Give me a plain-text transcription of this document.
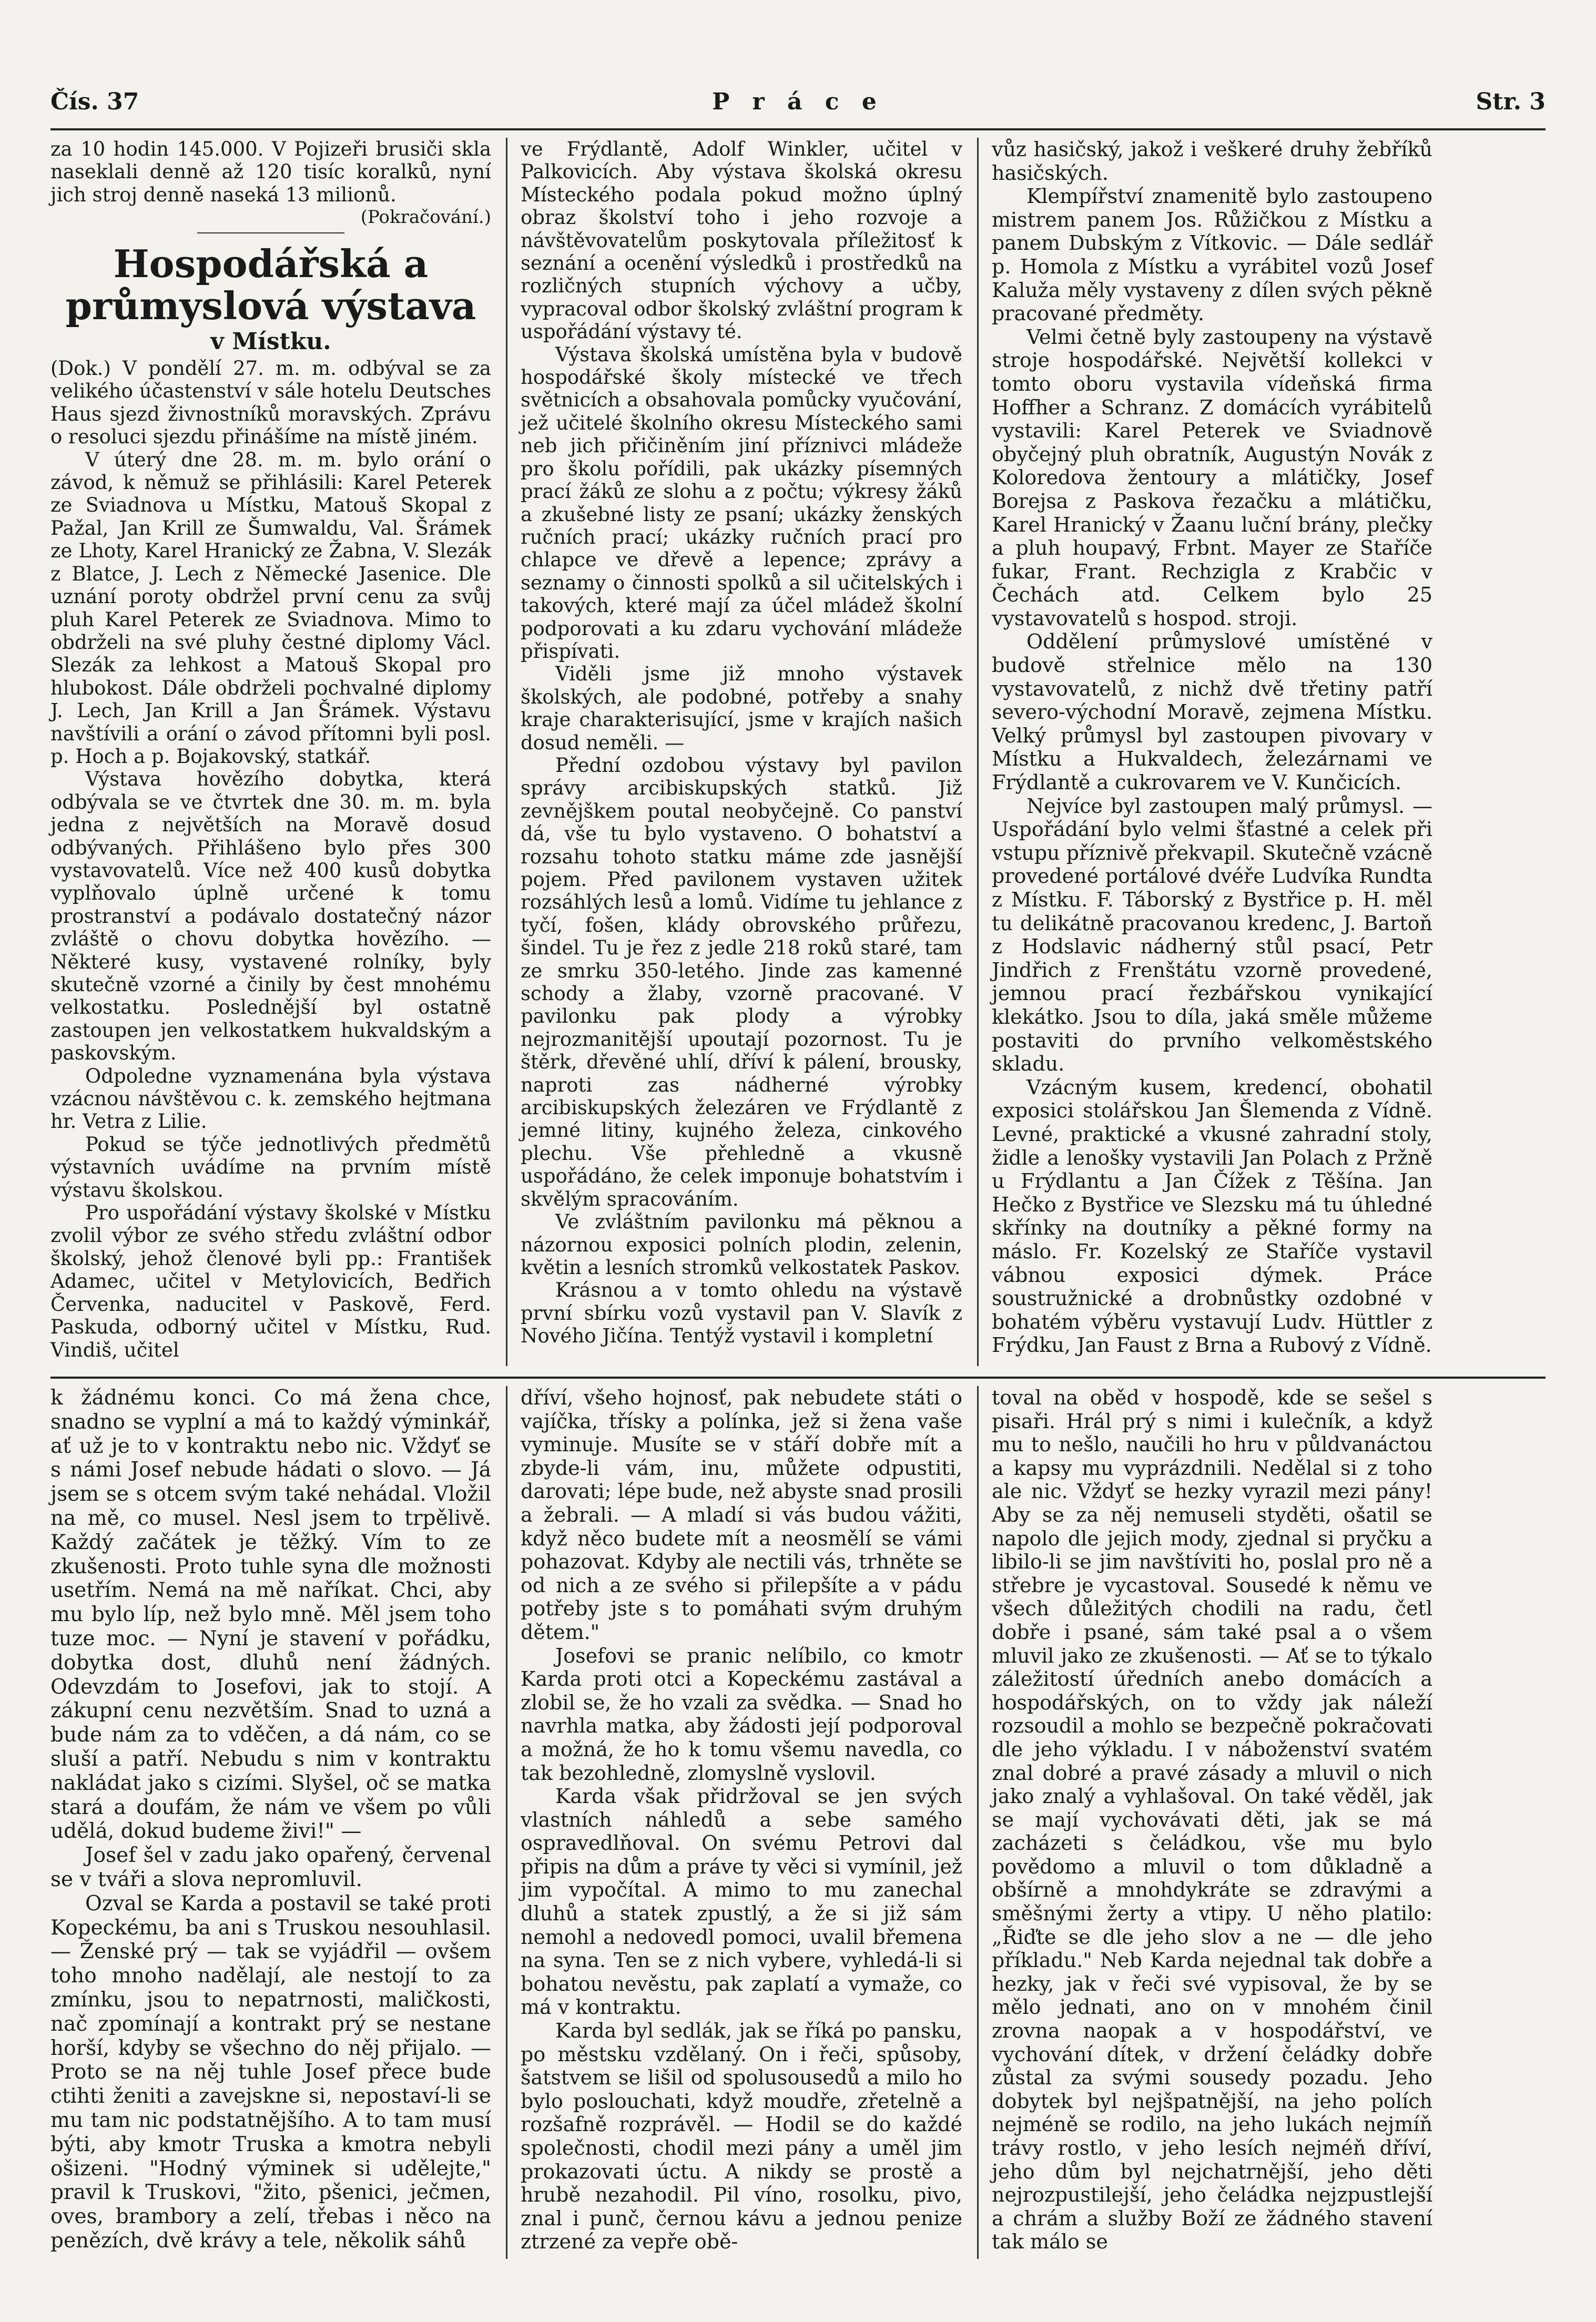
Čís. 37	P r á c e	Str. 3

za 10 hodin 145.000. V Pojizeři brusiči skla naseklali denně až 120 tisíc koralků, nyní jich stroj denně naseká 13 milionů.

(Pokračování.)

Hospodářská a průmyslová výstava
v Místku.

(Dok.) V pondělí 27. m. m. odbýval se za velikého účastenství v sále hotelu Deutsches Haus sjezd živnostníků moravských. Zprávu o resoluci sjezdu přinášíme na místě jiném.

V úterý dne 28. m. m. bylo orání o závod, k němuž se přihlásili: Karel Peterek ze Sviadnova u Místku, Matouš Skopal z Pažal, Jan Krill ze Šumwaldu, Val. Šrámek ze Lhoty, Karel Hranický ze Žabna, V. Slezák z Blatce, J. Lech z Německé Jasenice. Dle uznání poroty obdržel první cenu za svůj pluh Karel Peterek ze Sviadnova. Mimo to obdrželi na své pluhy čestné diplomy Václ. Slezák za lehkost a Matouš Skopal pro hlubokost. Dále obdrželi pochvalné diplomy J. Lech, Jan Krill a Jan Šrámek. Výstavu navštívili a orání o závod přítomni byli posl. p. Hoch a p. Bojakovský, statkář.

Výstava hovězího dobytka, která odbývala se ve čtvrtek dne 30. m. m. byla jedna z největších na Moravě dosud odbývaných. Přihlášeno bylo přes 300 vystavovatelů. Více než 400 kusů dobytka vyplňovalo úplně určené k tomu prostranství a podávalo dostatečný názor zvláště o chovu dobytka hovězího. — Některé kusy, vystavené rolníky, byly skutečně vzorné a činily by čest mnohému velkostatku. Poslednější byl ostatně zastoupen jen velkostatkem hukvaldským a paskovským.

Odpoledne vyznamenána byla výstava vzácnou návštěvou c. k. zemského hejtmana hr. Vetra z Lilie.

Pokud se týče jednotlivých předmětů výstavních uvádíme na prvním místě výstavu školskou.

Pro uspořádání výstavy školské v Místku zvolil výbor ze svého středu zvláštní odbor školský, jehož členové byli pp.: František Adamec, učitel v Metylovicích, Bedřich Červenka, naducitel v Paskově, Ferd. Paskuda, odborný učitel v Místku, Rud. Vindiš, učitel

ve Frýdlantě, Adolf Winkler, učitel v Palkovicích. Aby výstava školská okresu Místeckého podala pokud možno úplný obraz školství toho i jeho rozvoje a návštěvovatelům poskytovala příležitosť k seznání a ocenění výsledků i prostředků na rozličných stupních výchovy a učby, vypracoval odbor školský zvláštní program k uspořádání výstavy té.

Výstava školská umístěna byla v budově hospodářské školy místecké ve třech světnicích a obsahovala pomůcky vyučování, jež učitelé školního okresu Místeckého sami neb jich přičiněním jiní příznivci mládeže pro školu pořídili, pak ukázky písemných prací žáků ze slohu a z počtu; výkresy žáků a zkušebné listy ze psaní; ukázky ženských ručních prací; ukázky ručních prací pro chlapce ve dřevě a lepence; zprávy a seznamy o činnosti spolků a sil učitelských i takových, které mají za účel mládež školní podporovati a ku zdaru vychování mládeže přispívati.

Viděli jsme již mnoho výstavek školských, ale podobné, potřeby a snahy kraje charakterisující, jsme v krajích našich dosud neměli. —

Přední ozdobou výstavy byl pavilon správy arcibiskupských statků. Již zevnějškem poutal neobyčejně. Co panství dá, vše tu bylo vystaveno. O bohatství a rozsahu tohoto statku máme zde jasnější pojem. Před pavilonem vystaven užitek rozsáhlých lesů a lomů. Vidíme tu jehlance z tyčí, fošen, klády obrovského průřezu, šindel. Tu je řez z jedle 218 roků staré, tam ze smrku 350-letého. Jinde zas kamenné schody a žlaby, vzorně pracované. V pavilonku pak plody a výrobky nejrozmanitější upoutají pozornost. Tu je štěrk, dřevěné uhlí, dříví k pálení, brousky, naproti zas nádherné výrobky arcibiskupských železáren ve Frýdlantě z jemné litiny, kujného železa, cinkového plechu. Vše přehledně a vkusně uspořádáno, že celek imponuje bohatstvím i skvělým spracováním.

Ve zvláštním pavilonku má pěknou a názornou exposici polních plodin, zelenin, květin a lesních stromků velkostatek Paskov.

Krásnou a v tomto ohledu na výstavě první sbírku vozů vystavil pan V. Slavík z Nového Jičína. Tentýž vystavil i kompletní

vůz hasičský, jakož i veškeré druhy žebříků hasičských.

Klempířství znamenitě bylo zastoupeno mistrem panem Jos. Růžičkou z Místku a panem Dubským z Vítkovic. — Dále sedlář p. Homola z Místku a vyrábitel vozů Josef Kaluža měly vystaveny z dílen svých pěkně pracované předměty.

Velmi četně byly zastoupeny na výstavě stroje hospodářské. Největší kollekci v tomto oboru vystavila vídeňská firma Hoffher a Schranz. Z domácích vyrábitelů vystavili: Karel Peterek ve Sviadnově obyčejný pluh obratník, Augustýn Novák z Koloredova žentoury a mlátičky, Josef Borejsa z Paskova řezačku a mlátičku, Karel Hranický v Žaanu luční brány, plečky a pluh houpavý, Frbnt. Mayer ze Staříče fukar, Frant. Rechzigla z Krabčic v Čechách atd. Celkem bylo 25 vystavovatelů s hospod. stroji.

Oddělení průmyslové umístěné v budově střelnice mělo na 130 vystavovatelů, z nichž dvě třetiny patří severo-východní Moravě, zejmena Místku. Velký průmysl byl zastoupen pivovary v Místku a Hukvaldech, železárnami ve Frýdlantě a cukrovarem ve V. Kunčicích.

Nejvíce byl zastoupen malý průmysl. — Uspořádání bylo velmi šťastné a celek při vstupu příznivě překvapil. Skutečně vzácně provedené portálové dvéře Ludvíka Rundta z Místku. F. Táborský z Bystřice p. H. měl tu delikátně pracovanou kredenc, J. Bartoň z Hodslavic nádherný stůl psací, Petr Jindřich z Frenštátu vzorně provedené, jemnou prací řezbářskou vynikající klekátko. Jsou to díla, jaká směle můžeme postaviti do prvního velkoměstského skladu.

Vzácným kusem, kredencí, obohatil exposici stolářskou Jan Šlemenda z Vídně. Levné, praktické a vkusné zahradní stoly, židle a lenošky vystavili Jan Polach z Pržně u Frýdlantu a Jan Čížek z Těšína. Jan Hečko z Bystřice ve Slezsku má tu úhledné skřínky na doutníky a pěkné formy na máslo. Fr. Kozelský ze Staříče vystavil vábnou exposici dýmek. Práce soustružnické a drobnůstky ozdobné v bohatém výběru vystavují Ludv. Hüttler z Frýdku, Jan Faust z Brna a Rubový z Vídně.

k žádnému konci. Co má žena chce, snadno se vyplní a má to každý výminkář, ať už je to v kontraktu nebo nic. Vždyť se s námi Josef nebude hádati o slovo. — Já jsem se s otcem svým také nehádal. Vložil na mě, co musel. Nesl jsem to trpělivě. Každý začátek je těžký. Vím to ze zkušenosti. Proto tuhle syna dle možnosti usetřím. Nemá na mě naříkat. Chci, aby mu bylo líp, než bylo mně. Měl jsem toho tuze moc. — Nyní je stavení v pořádku, dobytka dost, dluhů není žádných. Odevzdám to Josefovi, jak to stojí. A zákupní cenu nezvětším. Snad to uzná a bude nám za to vděčen, a dá nám, co se sluší a patří. Nebudu s nim v kontraktu nakládat jako s cizími. Slyšel, oč se matka stará a doufám, že nám ve všem po vůli udělá, dokud budeme živi!" —

Josef šel v zadu jako opařený, červenal se v tváři a slova nepromluvil.

Ozval se Karda a postavil se také proti Kopeckému, ba ani s Truskou nesouhlasil. — Ženské prý — tak se vyjádřil — ovšem toho mnoho nadělají, ale nestojí to za zmínku, jsou to nepatrnosti, maličkosti, nač zpomínají a kontrakt prý se nestane horší, kdyby se všechno do něj přijalo. — Proto se na něj tuhle Josef přece bude ctihti ženiti a zavejskne si, nepostaví-li se mu tam nic podstatnějšího. A to tam musí býti, aby kmotr Truska a kmotra nebyli ošizeni. "Hodný výminek si udělejte," pravil k Truskovi, "žito, pšenici, ječmen, oves, brambory a zelí, třebas i něco na penězích, dvě krávy a tele, několik sáhů

dříví, všeho hojnosť, pak nebudete státi o vajíčka, třísky a polínka, jež si žena vaše vyminuje. Musíte se v stáří dobře mít a zbyde-li vám, inu, můžete odpustiti, darovati; lépe bude, než abyste snad prosili a žebrali. — A mladí si vás budou vážiti, když něco budete mít a neosmělí se vámi pohazovat. Kdyby ale nectili vás, trhněte se od nich a ze svého si přilepšíte a v pádu potřeby jste s to pomáhati svým druhým dětem."

Josefovi se pranic nelíbilo, co kmotr Karda proti otci a Kopeckému zastával a zlobil se, že ho vzali za svědka. — Snad ho navrhla matka, aby žádosti její podporoval a možná, že ho k tomu všemu navedla, co tak bezohledně, zlomyslně vyslovil.

Karda však přidržoval se jen svých vlastních náhledů a sebe samého ospravedlňoval. On svému Petrovi dal připis na dům a práve ty věci si vymínil, jež jim vypočítal. A mimo to mu zanechal dluhů a statek zpustlý, a že si již sám nemohl a nedovedl pomoci, uvalil břemena na syna. Ten se z nich vybere, vyhledá-li si bohatou nevěstu, pak zaplatí a vymaže, co má v kontraktu.

Karda byl sedlák, jak se říká po pansku, po městsku vzdělaný. On i řeči, spůsoby, šatstvem se lišil od spolusousedů a milo ho bylo poslouchati, když moudře, zřetelně a rozšafně rozprávěl. — Hodil se do každé společnosti, chodil mezi pány a uměl jim prokazovati úctu. A nikdy se prostě a hrubě nezahodil. Pil víno, rosolku, pivo, znal i punč, černou kávu a jednou penize ztrzené za vepře obě-

toval na oběd v hospodě, kde se sešel s pisaři. Hrál prý s nimi i kulečník, a když mu to nešlo, naučili ho hru v půldvanáctou a kapsy mu vyprázdnili. Nedělal si z toho ale nic. Vždyť se hezky vyrazil mezi pány! Aby se za něj nemuseli styděti, ošatil se napolo dle jejich mody, zjednal si pryčku a libilo-li se jim navštíviti ho, poslal pro ně a střebre je vycastoval. Sousedé k němu ve všech důležitých chodili na radu, četl dobře i psané, sám také psal a o všem mluvil jako ze zkušenosti. — Ať se to týkalo záležitostí úředních anebo domácích a hospodářských, on to vždy jak náleží rozsoudil a mohlo se bezpečně pokračovati dle jeho výkladu. I v náboženství svatém znal dobré a pravé zásady a mluvil o nich jako znalý a vyhlašoval. On také věděl, jak se mají vychovávati děti, jak se má zacházeti s čeládkou, vše mu bylo povědomo a mluvil o tom důkladně a obšírně a mnohdykráte se zdravými a směšnými žerty a vtipy. U něho platilo: „Řiďte se dle jeho slov a ne — dle jeho příkladu." Neb Karda nejednal tak dobře a hezky, jak v řeči své vypisoval, že by se mělo jednati, ano on v mnohém činil zrovna naopak a v hospodářství, ve vychování dítek, v držení čeládky dobře zůstal za svými sousedy pozadu. Jeho dobytek byl nejšpatnější, na jeho polích nejméně se rodilo, na jeho lukách nejmíň trávy rostlo, v jeho lesích nejméň dříví, jeho dům byl nejchatrnější, jeho děti nejrozpustilejší, jeho čeládka nejzpustlejší a chrám a služby Boží ze žádného stavení tak málo se
